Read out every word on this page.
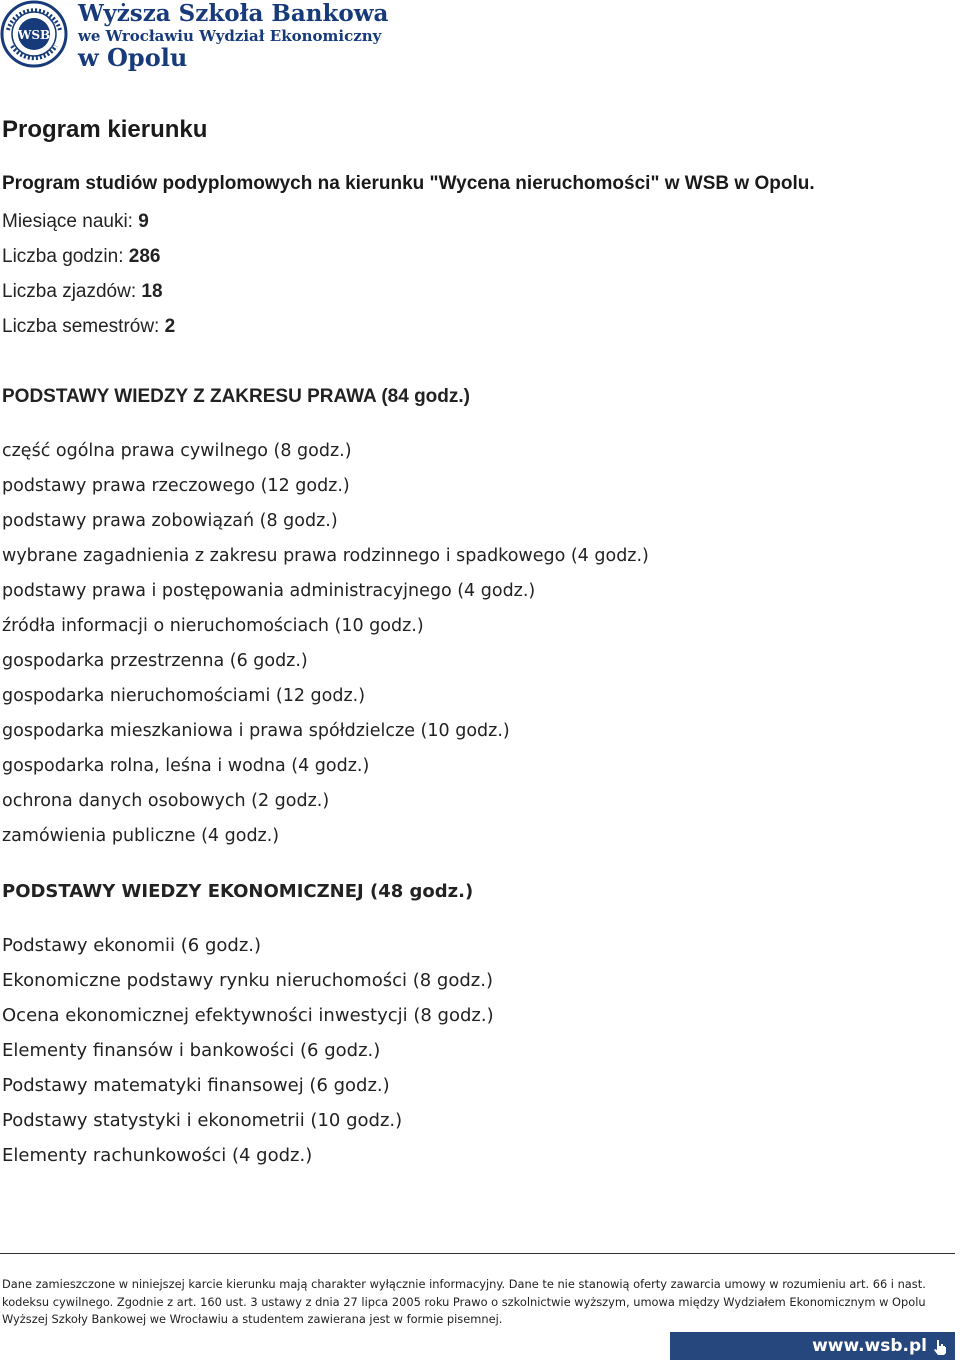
WSB
Wyższa Szkoła Bankowa
we Wrocławiu Wydział Ekonomiczny
w Opolu
Program kierunku

Program studiów podyplomowych na kierunku "Wycena nieruchomości" w WSB w Opolu.

Miesiące nauki: 9
Liczba godzin: 286
Liczba zjazdów: 18
Liczba semestrów: 2
PODSTAWY WIEDZY Z ZAKRESU PRAWA (84 godz.)
część ogólna prawa cywilnego (8 godz.)
podstawy prawa rzeczowego (12 godz.)
podstawy prawa zobowiązań (8 godz.)
wybrane zagadnienia z zakresu prawa rodzinnego i spadkowego (4 godz.)
podstawy prawa i postępowania administracyjnego (4 godz.)
źródła informacji o nieruchomościach (10 godz.)
gospodarka przestrzenna (6 godz.)
gospodarka nieruchomościami (12 godz.)
gospodarka mieszkaniowa i prawa spółdzielcze (10 godz.)
gospodarka rolna, leśna i wodna (4 godz.)
ochrona danych osobowych (2 godz.)
zamówienia publiczne (4 godz.)
PODSTAWY WIEDZY EKONOMICZNEJ (48 godz.)
Podstawy ekonomii (6 godz.)
Ekonomiczne podstawy rynku nieruchomości (8 godz.)
Ocena ekonomicznej efektywności inwestycji (8 godz.)
Elementy finansów i bankowości (6 godz.)
Podstawy matematyki finansowej (6 godz.)
Podstawy statystyki i ekonometrii (10 godz.)
Elementy rachunkowości (4 godz.)
Dane zamieszczone w niniejszej karcie kierunku mają charakter wyłącznie informacyjny. Dane te nie stanowią oferty zawarcia umowy w rozumieniu art. 66 i nast. kodeksu cywilnego. Zgodnie z art. 160 ust. 3 ustawy z dnia 27 lipca 2005 roku Prawo o szkolnictwie wyższym, umowa między Wydziałem Ekonomicznym w Opolu Wyższej Szkoły Bankowej we Wrocławiu a studentem zawierana jest w formie pisemnej.
www.wsb.pl
